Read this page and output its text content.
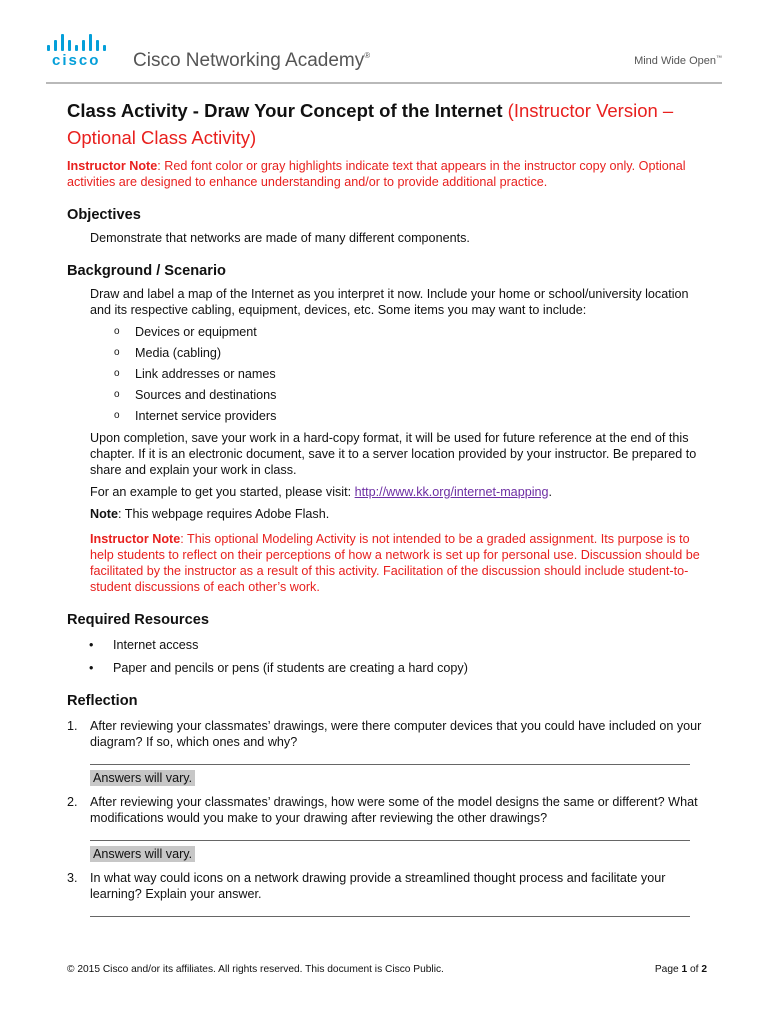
cisco Cisco Networking Academy®	Mind Wide Open™
Class Activity - Draw Your Concept of the Internet (Instructor Version – Optional Class Activity)
Instructor Note: Red font color or gray highlights indicate text that appears in the instructor copy only. Optional activities are designed to enhance understanding and/or to provide additional practice.
Objectives
Demonstrate that networks are made of many different components.
Background / Scenario
Draw and label a map of the Internet as you interpret it now. Include your home or school/university location and its respective cabling, equipment, devices, etc. Some items you may want to include:
o Devices or equipment
o Media (cabling)
o Link addresses or names
o Sources and destinations
o Internet service providers
Upon completion, save your work in a hard-copy format, it will be used for future reference at the end of this chapter. If it is an electronic document, save it to a server location provided by your instructor. Be prepared to share and explain your work in class.
For an example to get you started, please visit: http://www.kk.org/internet-mapping.
Note: This webpage requires Adobe Flash.
Instructor Note: This optional Modeling Activity is not intended to be a graded assignment. Its purpose is to help students to reflect on their perceptions of how a network is set up for personal use. Discussion should be facilitated by the instructor as a result of this activity. Facilitation of the discussion should include student-to-student discussions of each other’s work.
Required Resources
• Internet access
• Paper and pencils or pens (if students are creating a hard copy)
Reflection
1. After reviewing your classmates’ drawings, were there computer devices that you could have included on your diagram? If so, which ones and why?
Answers will vary.
2. After reviewing your classmates’ drawings, how were some of the model designs the same or different? What modifications would you make to your drawing after reviewing the other drawings?
Answers will vary.
3. In what way could icons on a network drawing provide a streamlined thought process and facilitate your learning? Explain your answer.
© 2015 Cisco and/or its affiliates. All rights reserved. This document is Cisco Public.	Page 1 of 2
